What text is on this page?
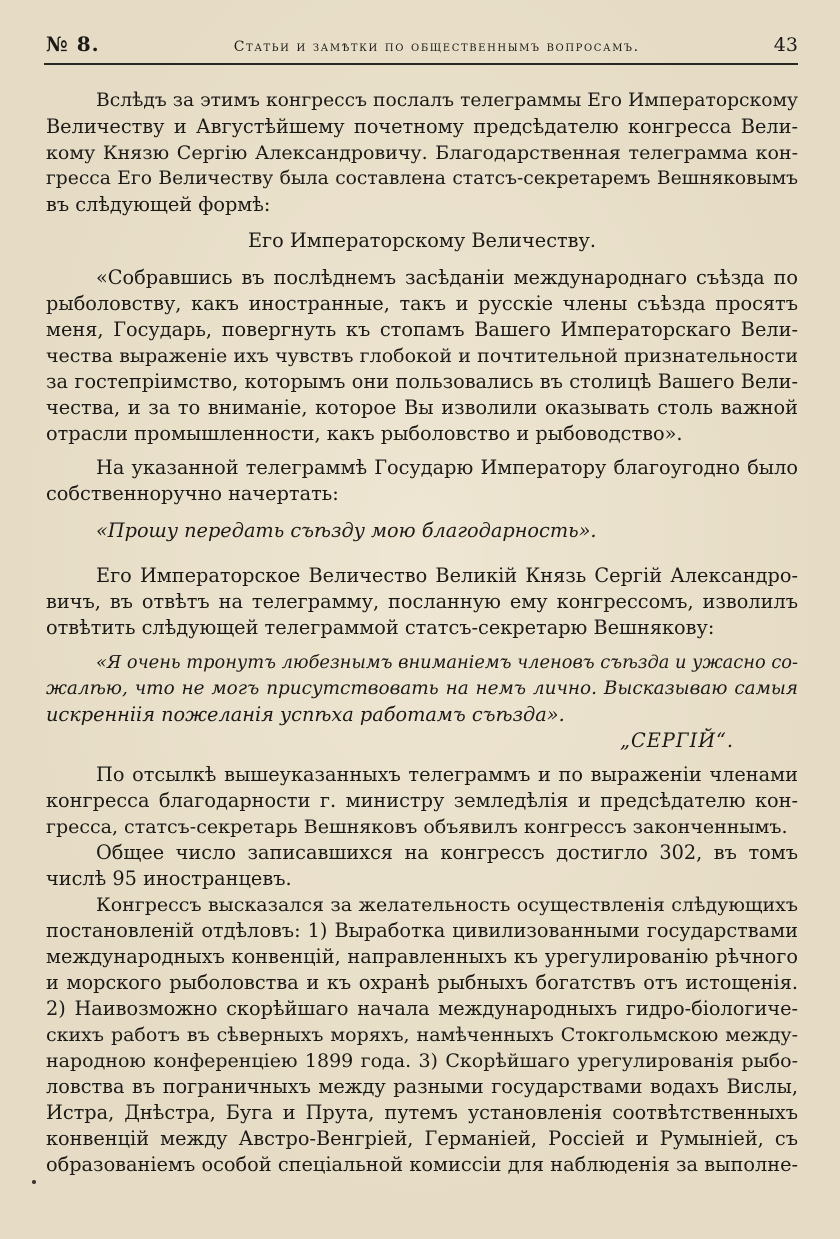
№ 8.	Статьи и замѣтки по общественнымъ вопросамъ.	43
Вслѣдъ за этимъ конгрессъ послалъ телеграммы Его Императорскому
Величеству и Августѣйшему почетному предсѣдателю конгресса Вели-
кому Князю Сергію Александровичу. Благодарственная телеграмма кон-
гресса Его Величеству была составлена статсъ-секретаремъ Вешняковымъ
въ слѣдующей формѣ:
Его Императорскому Величеству.
«Собравшись въ послѣднемъ засѣданіи международнаго съѣзда по
рыболовству, какъ иностранные, такъ и русскіе члены съѣзда просятъ
меня, Государь, повергнуть къ стопамъ Вашего Императорскаго Вели-
чества выраженіе ихъ чувствъ глобокой и почтительной признательности
за гостепріимство, которымъ они пользовались въ столицѣ Вашего Вели-
чества, и за то вниманіе, которое Вы изволили оказывать столь важной
отрасли промышленности, какъ рыболовство и рыбоводство».
На указанной телеграммѣ Государю Императору благоугодно было
собственноручно начертать:
«Прошу передать съѣзду мою благодарность».
Его Императорское Величество Великій Князь Сергій Александро-
вичъ, въ отвѣтъ на телеграмму, посланную ему конгрессомъ, изволилъ
отвѣтить слѣдующей телеграммой статсъ-секретарю Вешнякову:
«Я очень тронутъ любезнымъ вниманіемъ членовъ съѣзда и ужасно со-
жалѣю, что не могъ присутствовать на немъ лично. Высказываю самыя
искренніія пожеланія успѣха работамъ съѣзда».
„СЕРГІЙ“.
По отсылкѣ вышеуказанныхъ телеграммъ и по выраженіи членами
конгресса благодарности г. министру земледѣлія и предсѣдателю кон-
гресса, статсъ-секретарь Вешняковъ объявилъ конгрессъ законченнымъ.
Общее число записавшихся на конгрессъ достигло 302, въ томъ
числѣ 95 иностранцевъ.
Конгрессъ высказался за желательность осуществленія слѣдующихъ
постановленій отдѣловъ: 1) Выработка цивилизованными государствами
международныхъ конвенцій, направленныхъ къ урегулированію рѣчного
и морского рыболовства и къ охранѣ рыбныхъ богатствъ отъ истощенія.
2) Наивозможно скорѣйшаго начала международныхъ гидро-біологиче-
скихъ работъ въ сѣверныхъ моряхъ, намѣченныхъ Стокгольмскою между-
народною конференціею 1899 года. 3) Скорѣйшаго урегулированія рыбо-
ловства въ пограничныхъ между разными государствами водахъ Вислы,
Истра, Днѣстра, Буга и Прута, путемъ установленія соотвѣтственныхъ
конвенцій между Австро-Венгріей, Германіей, Россіей и Румыніей, съ
образованіемъ особой спеціальной комиссіи для наблюденія за выполне-
